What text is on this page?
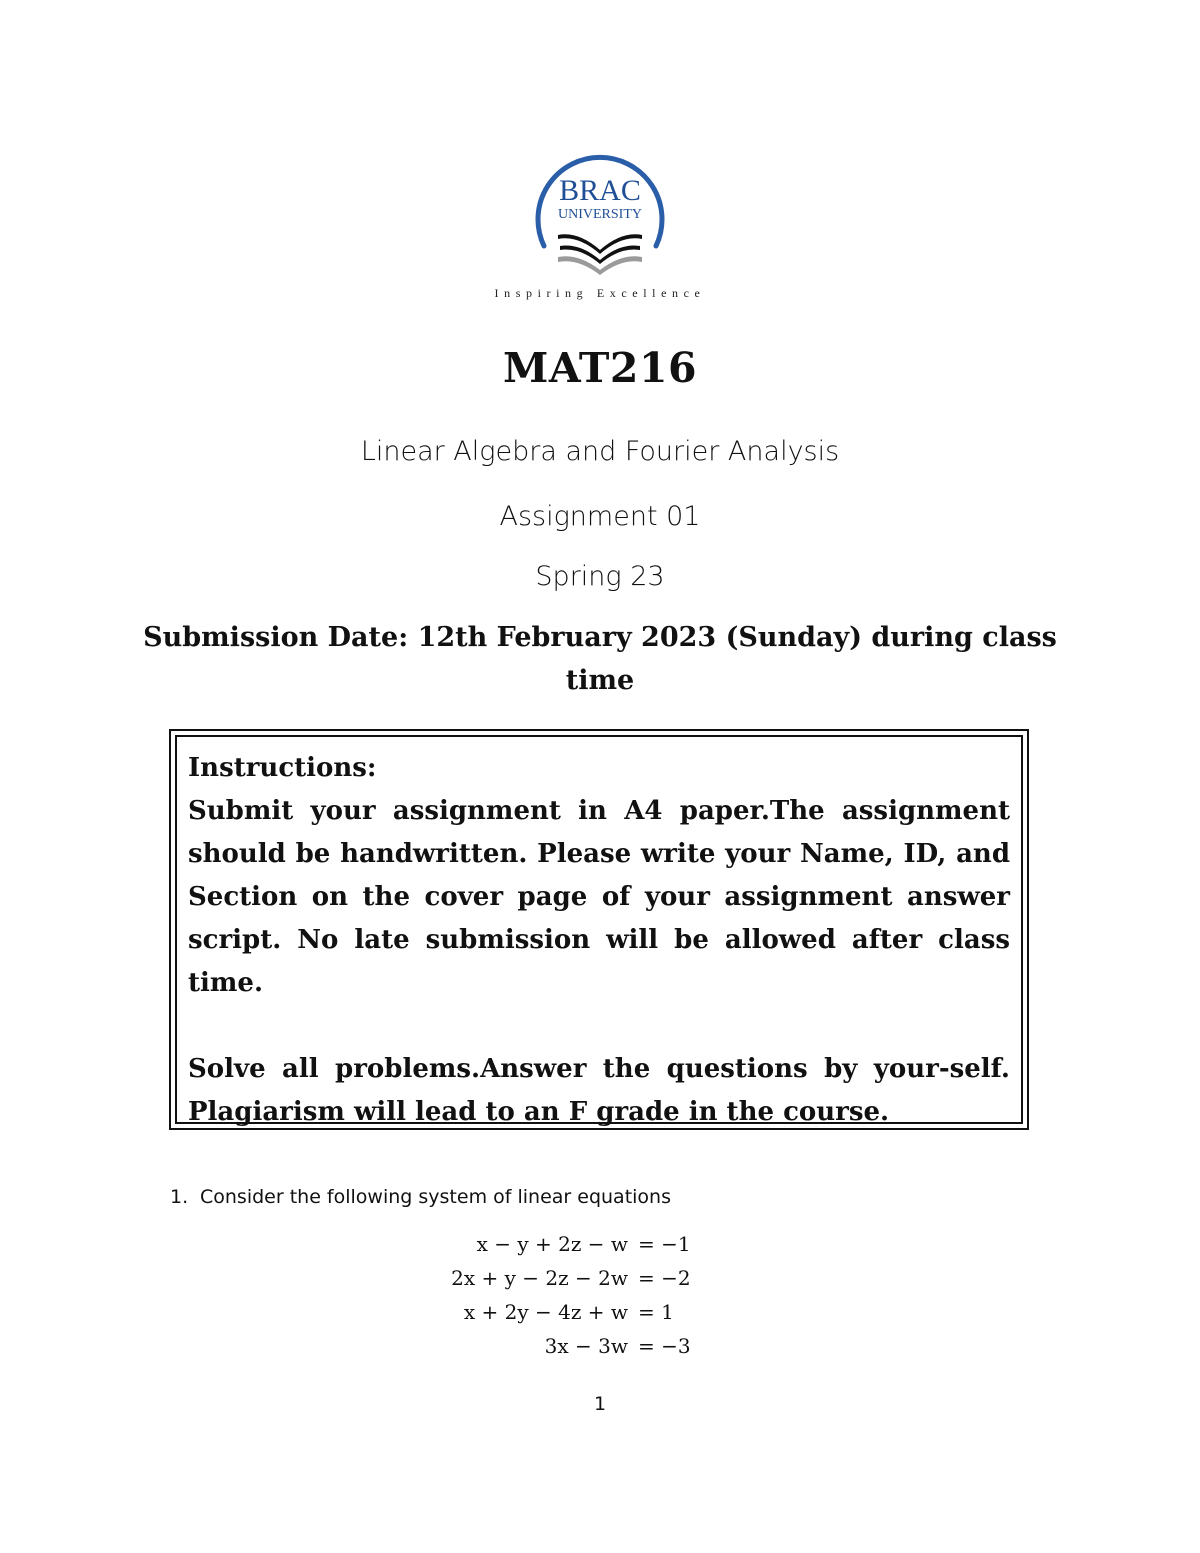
BRAC
UNIVERSITY
Inspiring Excellence
MAT216
Linear Algebra and Fourier Analysis
Assignment 01
Spring 23
Submission Date: 12th February 2023 (Sunday) during class time

Instructions:

Submit your assignment in A4 paper.The assignment should be handwritten. Please write your Name, ID, and Section on the cover page of your assignment answer script. No late submission will be allowed after class time.

Solve all problems.Answer the questions by your-self. Plagiarism will lead to an F grade in the course.

1. Consider the following system of linear equations
x − y + 2z − w = −1
2x + y − 2z − 2w = −2
x + 2y − 4z + w = 1
3x − 3w = −3
1
